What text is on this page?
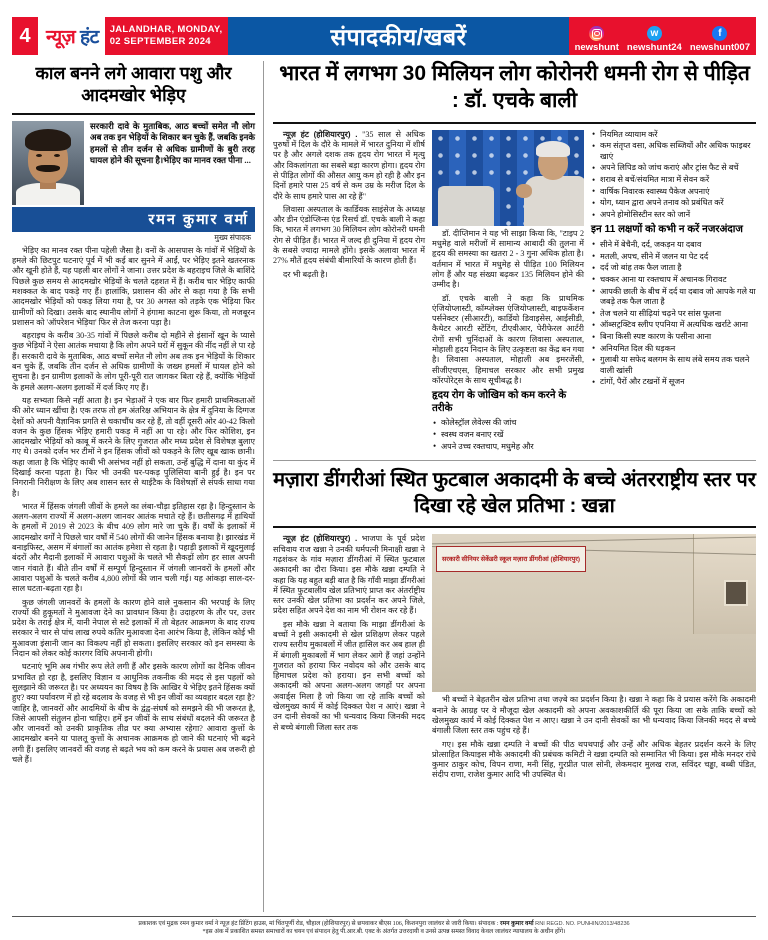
4 न्यूज़ हंट JALANDHAR, MONDAY,
02 SEPTEMBER 2024	संपादकीय/खबरें	newshunt
w
newshunt24
f
newshunt007
काल बनने लगे आवारा पशु और आदमखोर भेड़िए
सरकारी दावे के मुताबिक, आठ बच्चों समेत नौ लोग अब तक इन भेड़ियों के शिकार बन चुके हैं, जबकि इनके हमलों से तीन दर्जन से अधिक ग्रामीणों के बुरी तरह घायल होने की सूचना है।भेड़िए का मानव रक्त पीना ...
रमन कुमार वर्मा
मुख्य संपादक

भेड़िए का मानव रक्त पीना पहेली जैसा है। वनों के आसपास के गांवों में भेड़ियों के हमले की छिटपुट घटनाएं पूर्व में भी कई बार सुनने में आईं, पर भेड़िए इतने खतरनाक और खूनी होते हैं, यह पहली बार लोगों ने जाना। उत्तर प्रदेश के बहराइच जिले के बाशिंदे पिछले कुछ समय से आदमखोर भेड़ियों के चलते दहशत में हैं। करीब चार भेड़िए काफी मशक्कत के बाद पकड़े गए हैं। हालांकि, प्रशासन की ओर से कहा गया है कि सभी आदमखोर भेड़ियों को पकड़ लिया गया है, पर 30 अगस्त को तड़के एक भेड़िया फिर ग्रामीणों को दिखा। उसके बाद स्थानीय लोगों ने हंगामा काटना शुरू किया, तो मजबूरन प्रशासन को 'ऑपरेशन भेड़िया' फिर से तेज करना पड़ा है।

बहराइच के करीब 30-35 गांवों में पिछले करीब दो महीने से इंसानों खून के प्यासे कुछ भेड़ियों ने ऐसा आतंक मचाया है कि लोग अपने घरों में सुकून की नींद नहीं ले पा रहे हैं। सरकारी दावे के मुताबिक, आठ बच्चों समेत नौ लोग अब तक इन भेड़ियों के शिकार बन चुके हैं, जबकि तीन दर्जन से अधिक ग्रामीणों के जख्म हमलों में घायल होने को सुचना है। इन ग्रामीण इलाकों के लोग पूरी-पूरी रात जागकर बिता रहे हैं, क्योंकि भेड़ियों के हमले अलग-अलग इलाकों में दर्ज किए गए हैं।

यह सभ्यता किसे नहीं आता है। इन भेड़ाओं ने एक बार फिर हमारी प्राथमिकताओं की ओर ध्यान खींचा है। एक तरफ तो हम अंतरिक्ष अभियान के क्षेत्र में दुनिया के दिग्गज देशों को अपनी वैज्ञानिक प्रगति से चकाचौंध कर रहे हैं, तो वहीं दूसरी ओर 40-42 किलो वजन के कुछ हिंसक भेड़िए हमारी पकड़ में नहीं आ पा रहे। और फिर कोशिश, इन आदमखोर भेड़ियों को काबू में करने के लिए गुजरात और मध्य प्रदेश से विशेषज्ञ बुलाए गए थे। उनको दर्जन भर टीमों ने इन हिंसक जीवों को पकड़ने के लिए खूब खाक छानी। कहा जाता है कि भेड़िए काबी भी असंभव नहीं हो सकता, उन्हें बुद्धि में दाना या कुंद में दिखाई करना पड़ता है। फिर भी उनकी घर-पकड़ पुलिसिया बानी हुई है। इन पर निगरानी निरीक्षण के लिए अब शासन स्तर से थाईटैक के विशेषज्ञों से संपर्क साधा गया है।

भारत में हिंसक जंगली जीवों के हमले का लंबा-चौड़ा इतिहास रहा है। हिन्दुस्तान के अलग-अलग राज्यों में अलग-अलग जानवर आतंक मचाते रहे हैं। छतीसगढ़ में हाथियों के हमलों में 2019 से 2023 के बीच 409 लोग मारे जा चुके हैं। वर्षों के इलाकों में आदमखोर वर्गों ने पिछले चार वर्षों में 540 लोगों की जानेन हिंसक बनाया है। झारखंड में बनाइफिस्ट, असम में बंगालों का आतंक हमेशा से रहता है। पहाड़ी इलाकों में खूदमुलाई बंदरों और मैदानी इलाकों में आवारा पशुओं के चलते भी सैकड़ों लोग हर साल अपनी जान गंवाते हैं। बीते तीन वर्षों में सम्पूर्ण हिन्दुस्तान में जंगली जानवरों के हमलों और आवारा पशुओं के चलते करीब 4,800 लोगों की जान चली गई। यह आंकड़ा साल-दर-साल घटता-बढ़ता रहा है।

कुछ जंगली जानवरों के हमलों के कारण होने वाले नुकसान की भरपाई के लिए राज्यों की हुकूमतों ने मुआवजा देने का प्रावधान किया है। उदाहरण के तौर पर, उत्तर प्रदेश के तराई क्षेत्र में, यानी नेपाल से सटे इलाकों में तो बेहतर आक्रमण के बाद राज्य सरकार ने चार से पांच लाख रुपये कतिर मुआवजा देना आरंभ किया है, लेकिन कोई भी मुआवजा इंसानी जान का विकल्प नहीं हो सकता। इसलिए सरकार को इन समस्या के निदान को लेकर कोई कारगर विधि अपनानी होगी।

घटनाएं भूमि अब गंभीर रूप लेते लगी हैं और इसके कारण लोगों का दैनिक जीवन प्रभावित हो रहा है, इसलिए विज्ञान व आधुनिक तकनीक की मदद से इस पहलों को सुलझाने की जरूरत है। पर अध्ययन का विषय है कि आखिर ये भेड़िए इतने हिंसक क्यों हुए? क्या पर्यावरण में हो रहे बदलाव के वजह से भी इन जीवों का व्यवहार बदल रहा है? जाहिर है, जानवरों और आदमियों के बीच के द्वंद्व-संघर्ष को समझने की भी जरूरत है, जिसे आपसी संतुलन होना चाहिए। हमें इन जीवों के साथ संबंधों बदलने की जरूरत है और जानवरों को उनकी प्राकृतिक तीव्र पर क्या अभ्यास रहेगा? आवारा कुत्तों के आदमखोर बनने या पालतू कुत्तों के अचानक आक्रमक हो जाने की घटनाएं भी बढ़ने लगी हैं। इसलिए जानवरों की वजह से बढ़ते भय को कम करने के प्रयास अब जरूरी हो चले हैं।

भारत में लगभग 30 मिलियन लोग कोरोनरी धमनी रोग से पीड़ित : डॉ. एचके बाली

न्यूज़ हंट (होशियारपुर) . "35 साल से अधिक पुरुषों में दिल के दौरे के मामले में भारत दुनिया में शीर्ष पर है और अगले दशक तक हृदय रोग भारत में मृत्यु और विकलांगता का सबसे बड़ा कारण होगा। हृदय रोग से पीड़ित लोगों की औसत आयु कम हो रही है और इन दिनों हमारे पास 25 वर्ष से कम उम्र के मरीज दिल के दौरे के साथ हमारे पास आ रहे हैं"

लिवासा अस्पताल के कार्डियक साइंसेज के अध्यक्ष और डीन एंडोप्लिन्स एंड रिसर्च डॉ. एचके बाली ने कहा कि, भारत में लगभग 30 मिलियन लोग कोरोनरी धमनी रोग से पीड़ित हैं। भारत में जल्द ही दुनिया में हृदय रोग के सबसे ज्यादा मामले होंगे। इसके अलावा भारत में 27% मौतें हृदय संबंधी बीमारियों के कारण होती हैं।

दर भी बढ़ती है।

डॉ. दीप्तिमान ने यह भी साझा किया कि, "टाइप 2 मधुमेह वाले मरीजों में सामान्य आबादी की तुलना में हृदय की समस्या का खतरा 2 - 3 गुना अधिक होता है। वर्तमान में भारत में मधुमेह से पीड़ित 100 मिलियन लोग हैं और यह संख्या बढ़कर 135 मिलियन होने की उम्मीद है।

डॉ. एचके बाली ने कहा कि प्राथमिक एंजियोप्लास्टी, कॉम्प्लेक्स एंजियोप्लास्टी, बाइफर्केशन पर्सनेक्टर (सीआरटी), कार्डियो डिवाइसेस, आईसीडी, कैथेटर आरटी स्टेंटिंग, टीएवीआर, पेरीफेरल आर्टरी रोगों सभी चुनिंदाओं के कारण लिवासा अस्पताल, मोहाली हृदय निदान के लिए उत्कृष्टता का केंद्र बन गया है। लिवासा अस्पताल, मोहाली अब इमरजेंसी, सीजीएचएस, हिमाचल सरकार और सभी प्रमुख कॉरपोरेट्स के साथ सूचीबद्ध है।

हृदय रोग के जोखिम को कम करने के तरीके
• कोलेस्ट्रॉल लेवेल्स की जांच
• स्वस्थ वजन बनाए रखें
• अपने उच्च रक्तचाप, मधुमेह और
• नियमित व्यायाम करें
• कम संतृप्त वसा, अधिक सब्जियों और अधिक फाइबर खाएं
• अपने लिपिड को जांच कराएं और ट्रांस फैट से बचें
• शराब से बचें/संयमित मात्रा में सेवन करें
• वार्षिक निवारक स्वास्थ्य पैकेज अपनाएं
• योग, ध्यान द्वारा अपने तनाव को प्रबंधित करें
• अपने होमोसिस्टीन स्तर को जानें
इन 11 लक्षणों को कभी न करें नजरअंदाज
• सीने में बेचैनी, दर्द, जकड़न या दबाव
• मतली, अपच, सीने में जलन या पेट दर्द
• दर्द जो बांह तक फैल जाता है
• चक्कर आना या रक्तचाप में अचानक गिरावट
• आपकी छाती के बीच में दर्द या दबाव जो आपके गले या जबड़े तक फैल जाता है
• तेज चलने या सीढ़ियां चढ़ने पर सांस फूलना
• ऑब्सट्रक्टिव स्लीप एपनिया में अत्यधिक खर्राटे आना
• बिना किसी स्पष्ट कारण के पसीना आना
• अनियमित दिल की धड़कन
• गुलाबी या सफेद बलगम के साथ लंबे समय तक चलने वाली खांसी
• टांगों, पैरों और टखनों में सूजन
मज़ारा डींगरीआं स्थित फुटबाल अकादमी के बच्चे अंतरराष्ट्रीय स्तर पर दिखा रहे खेल प्रतिभा : खन्ना

न्यूज़ हंट (होशियारपुर) . भाजपा के पूर्व प्रदेश सचिवाय राज खन्ना ने उनकी धर्मपत्नी मिनाक्षी खन्ना ने गढ़शंकर के गांव मज़ारा डींगरीआं में स्थित फुटबाल अकादमी का दौरा किया। इस मौके खन्ना दम्पति ने कहा कि यह बहुत बड़ी बात है कि गाँवी माझा डींगरीआं में स्थित फुटबालीय खेल प्रतिभाएं प्राप्त कर अंतर्राष्ट्रीय स्तर उनकी खेल प्रतिभा का प्रदर्शन कर अपने जिले, प्रदेश सहित अपने देश का नाम भी रोशन कर रहे हैं।

इस मौके खन्ना ने बताया कि माझा डींगरीआं के बच्चों ने इसी अकादमी से खेल प्रशिक्षण लेकर पहले राज्य स्तरीय मुकाबलों में जीत हासिल कर अब हाल ही में बंगाली मुकाबलों में भाग लेकर आगे हैं जहां उन्होंने गुजरात को हराया फिर नवोदय को और उसके बाद हिमाचल प्रदेश को हराया। इन सभी बच्चों को अकादमी को अपना अलग-अलग जगहों पर अपना अवार्ड्स मिला है जो किया जा रहे ताकि बच्चों को खेलमुख्य कार्य में कोई दिक्कत पेश न आएं। खन्ना ने उन दानी सेवकों का भी धन्यवाद किया जिनकी मदद से बच्चे बंगाली जिला स्तर तक

सरकारी सीनियर सेकेंडरी स्कूल मज़ारा डींगरीआं (होशियारपुर)

भी बच्चों ने बेहतरीन खेल प्रतिभा तथा जज़्बे का प्रदर्शन किया है। खन्ना ने कहा कि वे प्रयास करेंगे कि अकादमी बनाने के आग्रह पर वे मौजूदा खेल अकादमी को अपना अवकाशकीर्ति की पूरा किया जा सके ताकि बच्चों को खेलमुख्य कार्य में कोई दिक्कत पेश न आए। खन्ना ने उन दानी सेवकों का भी धन्यवाद किया जिनकी मदद से बच्चे बंगाली जिला स्तर तक पहुंच रहे हैं।

गए। इस मौके खन्ना दम्पति ने बच्चों की पीठ थपथपाई और उन्हें और अधिक बेहतर प्रदर्शन करने के लिए प्रोत्साहित कियाइस मौके अकादमी की प्रबंधक कमिटी ने खन्ना दम्पति को सम्मानित भी किया। इस मौके मनदर रांधे कुमार ठाकुर कोच, विपन राणा, मनी सिंह, गुरप्रीत पाल सोनी, लेकमदार मुलख राज, सविंदर चड्ढा, बब्बी पंडित, संदीप राणा, राजेश कुमार आदि भी उपस्थित थे।

प्रकाशक एवं मुद्रक रमन कुमार वर्मा ने न्यूज़ हंट प्रिंटिंग हाउस, मां चिंतपूर्णी रोड, चौहाल (होशियारपुर) से छपवाकर बीएस 106, किशनपुरा जालंधर से जारी किया। संपादक : रमन कुमार वर्मा RNI REGD. NO. PUNHIN/2013/48236
*इस अंक में प्रकाशित समस्त समाचारों का चयन एवं संपादन हेतु पी.आर.बी. एक्ट के अंतर्गत उत्तरदायी व उनसे उत्पन्न समस्त विवाद केवल जालंधर न्यायालय के अधीन होंगे।
